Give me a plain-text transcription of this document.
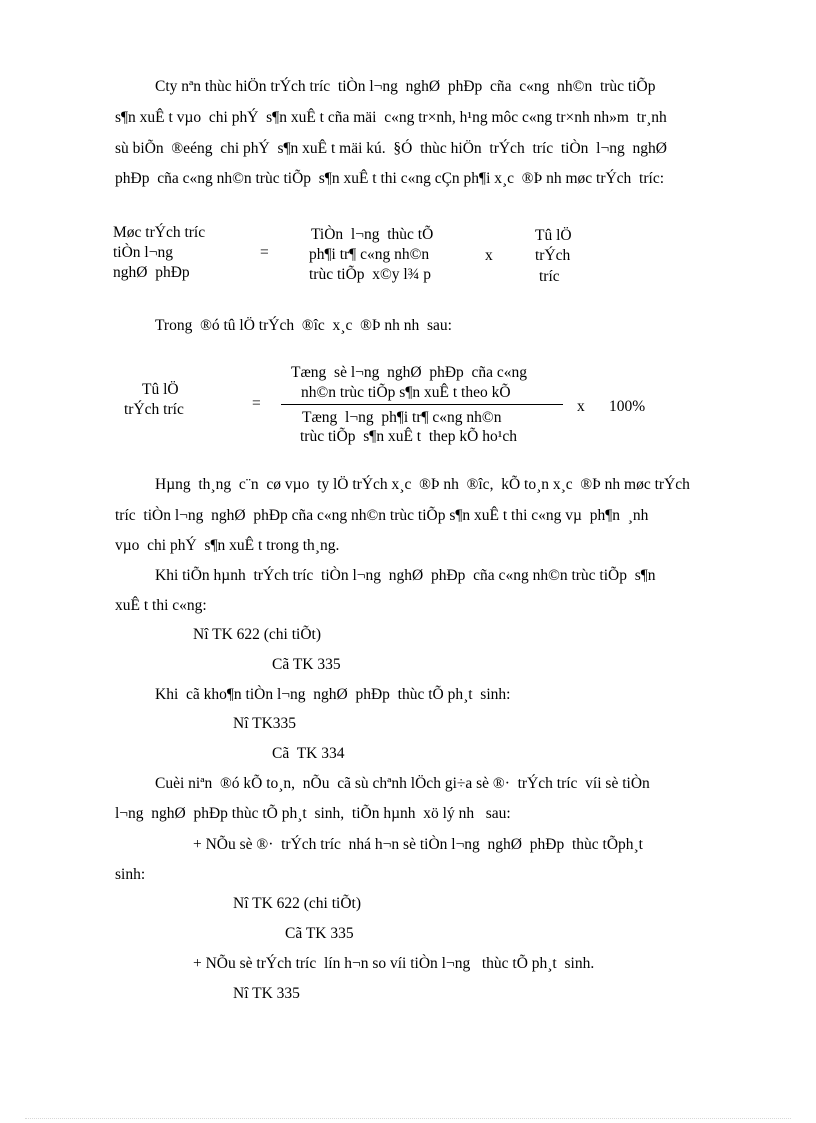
Cty nªn thùc hiÖn trÝch tríc  tiÒn l¬ng  nghØ  phÐp  cña  c«ng  nh©n  trùc tiÕp
s¶n xuÊ t vµo  chi phÝ  s¶n xuÊ t cña mäi  c«ng tr×nh, h¹ng môc c«ng tr×nh nh»m  tr¸nh
sù biÕn  ®eéng  chi phÝ  s¶n xuÊ t mäi kú.  §Ó  thùc hiÖn  trÝch  tríc  tiÒn  l¬ng  nghØ
phÐp  cña c«ng nh©n trùc tiÕp  s¶n xuÊ t thi c«ng cÇn ph¶i x¸c  ®Þ nh møc trÝch  tríc:
Møc trÝch tríc
tiÒn l¬ng
nghØ  phÐp
=
TiÒn  l¬ng  thùc tÕ
ph¶i tr¶ c«ng nh©n
trùc tiÕp  x©y l¾ p
x
Tû lÖ
trÝch
tríc
Trong  ®ó tû lÖ trÝch  ®îc  x¸c  ®Þ nh nh  sau:
Tû lÖ
trÝch tríc	=
Tæng  sè l¬ng  nghØ  phÐp  cña c«ng
nh©n trùc tiÕp s¶n xuÊ t theo kÕ
Tæng  l¬ng  ph¶i tr¶ c«ng nh©n
trùc tiÕp  s¶n xuÊ t  thep kÕ ho¹ch
x 100%
Hµng  th¸ng  c¨n  cø vµo  ty lÖ trÝch x¸c  ®Þ nh  ®îc,  kÕ to¸n x¸c  ®Þ nh møc trÝch
tríc  tiÒn l¬ng  nghØ  phÐp cña c«ng nh©n trùc tiÕp s¶n xuÊ t thi c«ng vµ  ph¶n  ¸nh
vµo  chi phÝ  s¶n xuÊ t trong th¸ng.
Khi tiÕn hµnh  trÝch tríc  tiÒn l¬ng  nghØ  phÐp  cña c«ng nh©n trùc tiÕp  s¶n
xuÊ t thi c«ng:
Nî TK 622 (chi tiÕt)
Cã TK 335
Khi  cã kho¶n tiÒn l¬ng  nghØ  phÐp  thùc tÕ ph¸t  sinh:
Nî TK335
Cã  TK 334
Cuèi niªn  ®ó kÕ to¸n,  nÕu  cã sù chªnh lÖch gi÷a sè ®·  trÝch tríc  víi sè tiÒn
l¬ng  nghØ  phÐp thùc tÕ ph¸t  sinh,  tiÕn hµnh  xö lý nh   sau:
+ NÕu sè ®·  trÝch tríc  nhá h¬n sè tiÒn l¬ng  nghØ  phÐp  thùc tÕph¸t
sinh:
Nî TK 622 (chi tiÕt)
Cã TK 335
+ NÕu sè trÝch tríc  lín h¬n so víi tiÒn l¬ng   thùc tÕ ph¸t  sinh.
Nî TK 335
